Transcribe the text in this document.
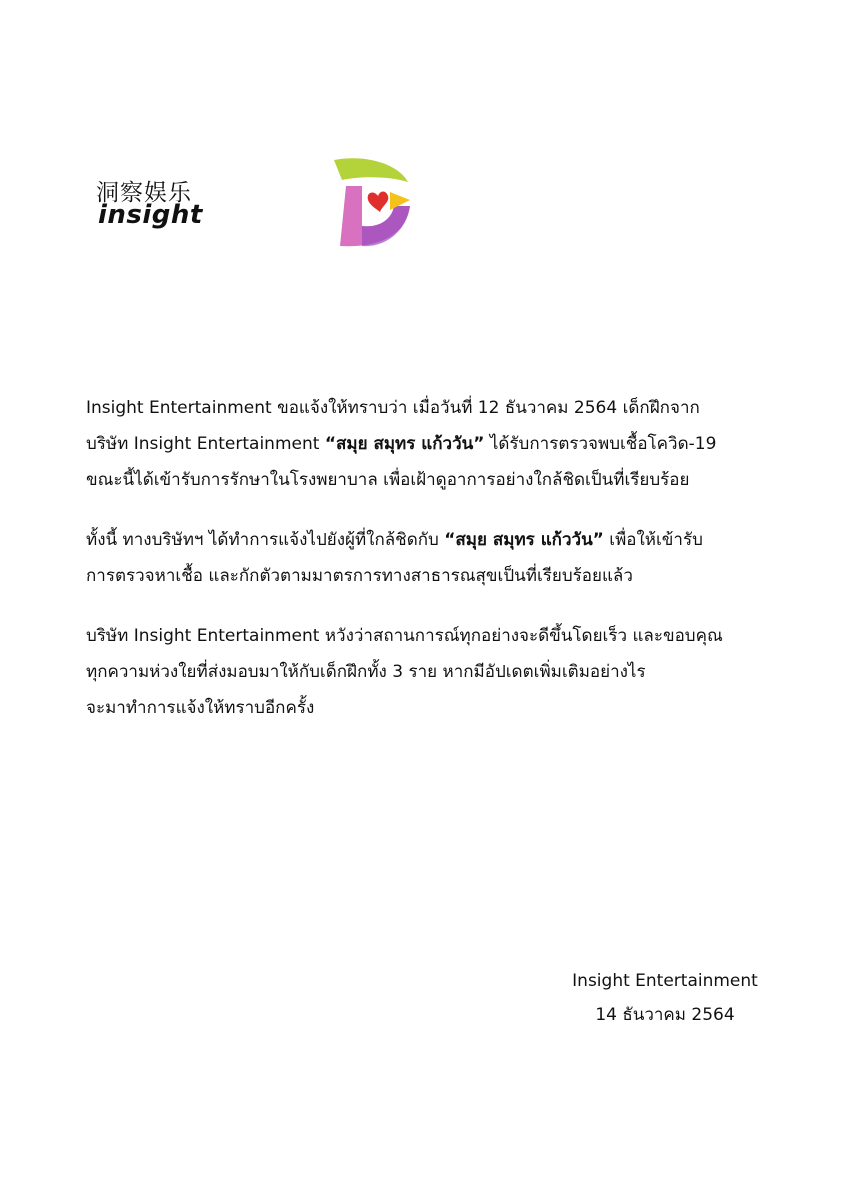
洞察娱乐
insight

Insight Entertainment ขอแจ้งให้ทราบว่า เมื่อวันที่ 12 ธันวาคม 2564 เด็กฝึกจาก
บริษัท Insight Entertainment “สมุย สมุทร แก้ววัน” ได้รับการตรวจพบเชื้อโควิด-19
ขณะนี้ได้เข้ารับการรักษาในโรงพยาบาล เพื่อเฝ้าดูอาการอย่างใกล้ชิดเป็นที่เรียบร้อย

ทั้งนี้ ทางบริษัทฯ ได้ทำการแจ้งไปยังผู้ที่ใกล้ชิดกับ “สมุย สมุทร แก้ววัน” เพื่อให้เข้ารับ
การตรวจหาเชื้อ และกักตัวตามมาตรการทางสาธารณสุขเป็นที่เรียบร้อยแล้ว

บริษัท Insight Entertainment หวังว่าสถานการณ์ทุกอย่างจะดีขึ้นโดยเร็ว และขอบคุณ
ทุกความห่วงใยที่ส่งมอบมาให้กับเด็กฝึกทั้ง 3 ราย หากมีอัปเดตเพิ่มเติมอย่างไร
จะมาทำการแจ้งให้ทราบอีกครั้ง

Insight Entertainment
14 ธันวาคม 2564
